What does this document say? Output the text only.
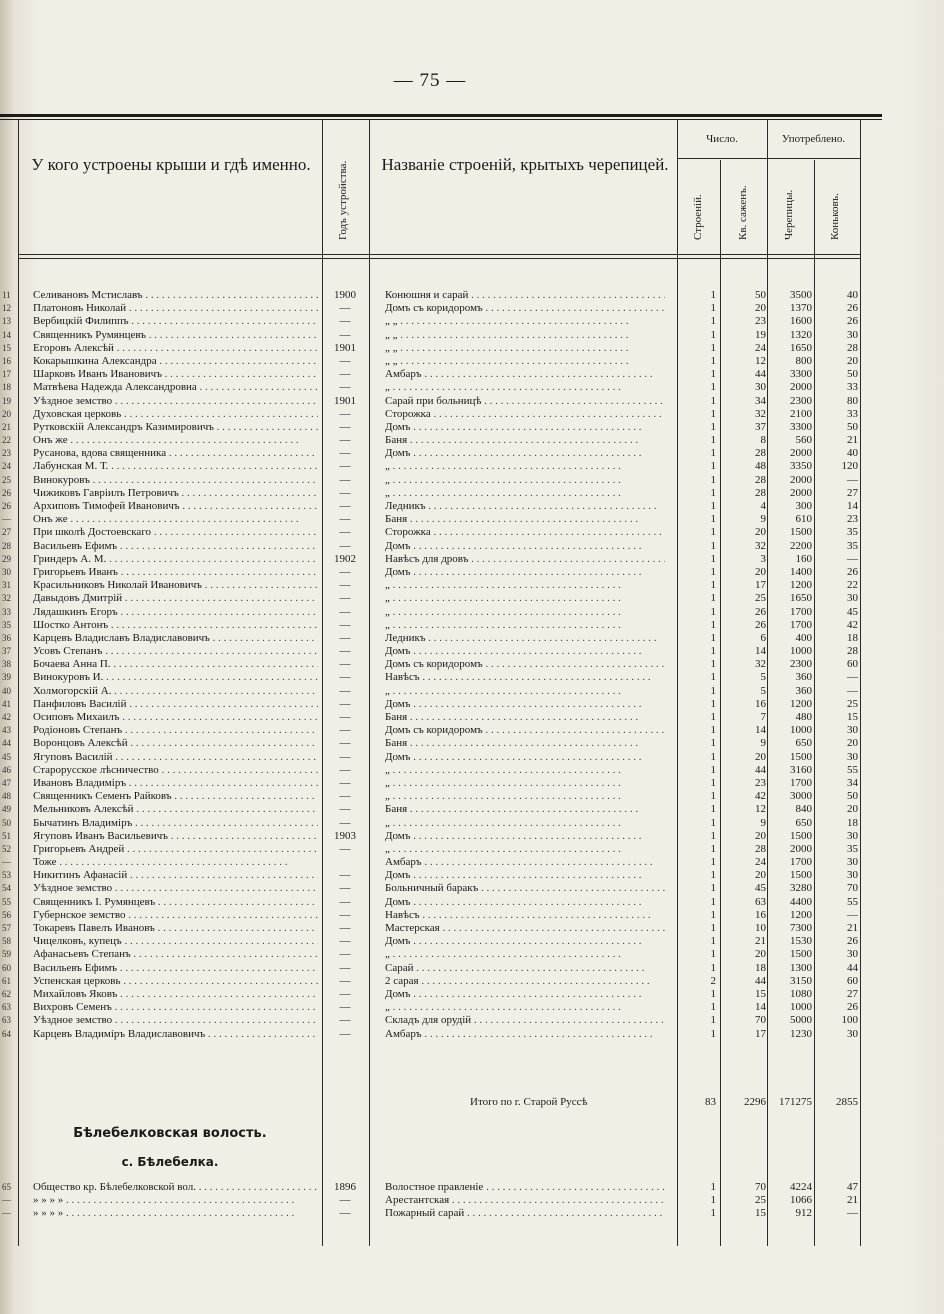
— 75 —
У кого устроены крыши и гдѣ именно.	Годъ устройства.	Названіе строеній, крытыхъ черепицей.
Число.	Употреблено.
Строеній.	Кв. саженъ.	Черепицы.	Коньковъ.
11	Селивановъ Мстиславъ . . .	1900	Конюшня и сарай . . .	1	50	3500	40
12	Платоновъ Николай . . .	—	Домъ съ коридоромъ . . .	1	20	1370	26
13	Вербицкій Филиппъ . . .	—	„ „ . . .	1	23	1600	26
14	Священникъ Румянцевъ . . .	—	„ „ . . .	1	19	1320	30
15	Егоровъ Алексѣй . . .	1901	„ „ . . .	1	24	1650	28
16	Кокарышкина Александра . . .	—	„ „ . . .	1	12	800	20
17	Шарковъ Иванъ Ивановичъ . . .	—	Амбаръ . . .	1	44	3300	50
18	Матвѣева Надежда Александровна . . .	—	„ . . .	1	30	2000	33
19	Уѣздное земство . . .	1901	Сарай при больницѣ . . .	1	34	2300	80
20	Духовская церковь . . .	—	Сторожка . . .	1	32	2100	33
21	Рутковскій Александръ Казимировичъ . . .	—	Домъ . . .	1	37	3300	50
22	Онъ же . . .	—	Баня . . .	1	8	560	21
23	Русанова, вдова священника . . .	—	Домъ . . .	1	28	2000	40
24	Лабунская М. Т. . . .	—	„ . . .	1	48	3350	120
25	Винокуровъ . . .	—	„ . . .	1	28	2000	—
26	Чижиковъ Гавріилъ Петровичъ . . .	—	„ . . .	1	28	2000	27
26	Архиповъ Тимофей Ивановичъ . . .	—	Ледникъ . . .	1	4	300	14
—	Онъ же . . .	—	Баня . . .	1	9	610	23
27	При школѣ Достоевскаго . . .	—	Сторожка . . .	1	20	1500	35
28	Васильевъ Ефимъ . . .	—	Домъ . . .	1	32	2200	35
29	Гриндеръ А. М. . . .	1902	Навѣсъ для дровъ . . .	1	3	160	—
30	Григорьевъ Иванъ . . .	—	Домъ . . .	1	20	1400	26
31	Красильниковъ Николай Ивановичъ . . .	—	„ . . .	1	17	1200	22
32	Давыдовъ Дмитрій . . .	—	„ . . .	1	25	1650	30
33	Лядашкинъ Егоръ . . .	—	„ . . .	1	26	1700	45
35	Шостко Антонъ . . .	—	„ . . .	1	26	1700	42
36	Карцевъ Владиславъ Владиславовичъ . . .	—	Ледникъ . . .	1	6	400	18
37	Усовъ Степанъ . . .	—	Домъ . . .	1	14	1000	28
38	Бочаева Анна П. . . .	—	Домъ съ коридоромъ . . .	1	32	2300	60
39	Винокуровъ И. . . .	—	Навѣсъ . . .	1	5	360	—
40	Холмогорскій А. . . .	—	„ . . .	1	5	360	—
41	Панфиловъ Василій . . .	—	Домъ . . .	1	16	1200	25
42	Осиповъ Михаилъ . . .	—	Баня . . .	1	7	480	15
43	Родіоновъ Степанъ . . .	—	Домъ съ коридоромъ . . .	1	14	1000	30
44	Воронцовъ Алексѣй . . .	—	Баня . . .	1	9	650	20
45	Ягуповъ Василій . . .	—	Домъ . . .	1	20	1500	30
46	Старорусское лѣсничество . . .	—	„ . . .	1	44	3160	55
47	Ивановъ Владиміръ . . .	—	„ . . .	1	23	1700	34
48	Священникъ Семенъ Райковъ . . .	—	„ . . .	1	42	3000	50
49	Мельниковъ Алексѣй . . .	—	Баня . . .	1	12	840	20
50	Бычатинъ Владиміръ . . .	—	„ . . .	1	9	650	18
51	Ягуповъ Иванъ Васильевичъ . . .	1903	Домъ . . .	1	20	1500	30
52	Григорьевъ Андрей . . .	—	„ . . .	1	28	2000	35
—	Тоже . . .	Амбаръ . . .	1	24	1700	30
53	Никитинъ Афанасій . . .	—	Домъ . . .	1	20	1500	30
54	Уѣздное земство . . .	—	Больничный баракъ . . .	1	45	3280	70
55	Священникъ І. Румянцевъ . . .	—	Домъ . . .	1	63	4400	55
56	Губернское земство . . .	—	Навѣсъ . . .	1	16	1200	—
57	Токаревъ Павелъ Ивановъ . . .	—	Мастерская . . .	1	10	7300	21
58	Чицелковъ, купецъ . . .	—	Домъ . . .	1	21	1530	26
59	Афанасьевъ Степанъ . . .	—	„ . . .	1	20	1500	30
60	Васильевъ Ефимъ . . .	—	Сарай . . .	1	18	1300	44
61	Успенская церковь . . .	—	2 сарая . . .	2	44	3150	60
62	Михайловъ Яковъ . . .	—	Домъ . . .	1	15	1080	27
63	Вихровъ Семенъ . . .	—	„ . . .	1	14	1000	26
63	Уѣздное земство . . .	—	Складъ для орудій . . .	1	70	5000	100
64	Карцевъ Владиміръ Владиславовичъ . . .	—	Амбаръ . . .	1	17	1230	30
Итого по г. Старой Руссѣ	83	2296	171275	2855
Бѣлебелковская волость.
с. Бѣлебелка.
65	Общество кр. Бѣлебелковской вол. . . .	1896	Волостное правленіе . . .	1	70	4224	47
—	» » » » . . .	—	Арестантская . . .	1	25	1066	21
—	» » » » . . .	—	Пожарный сарай . . .	1	15	912	—
